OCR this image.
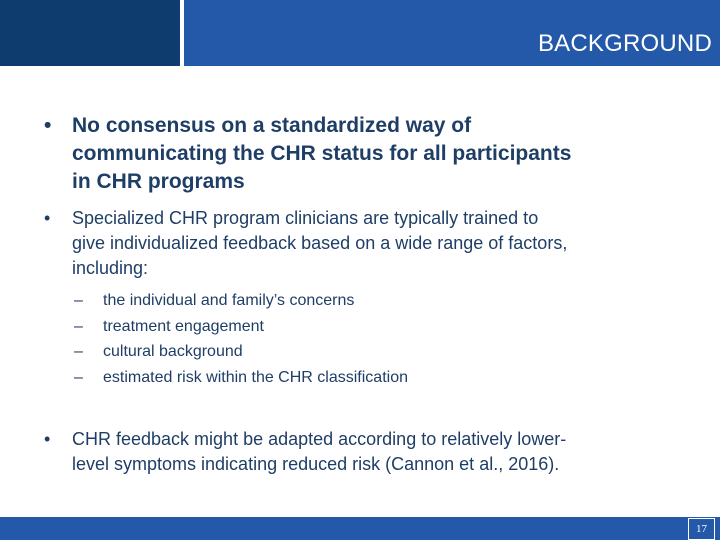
BACKGROUND
• No consensus on a standardized way of
communicating the CHR status for all participants
in CHR programs
• Specialized CHR program clinicians are typically trained to
give individualized feedback based on a wide range of factors,
including:
– the individual and family’s concerns
– treatment engagement
– cultural background
– estimated risk within the CHR classification
• CHR feedback might be adapted according to relatively lower-
level symptoms indicating reduced risk (Cannon et al., 2016).
17
